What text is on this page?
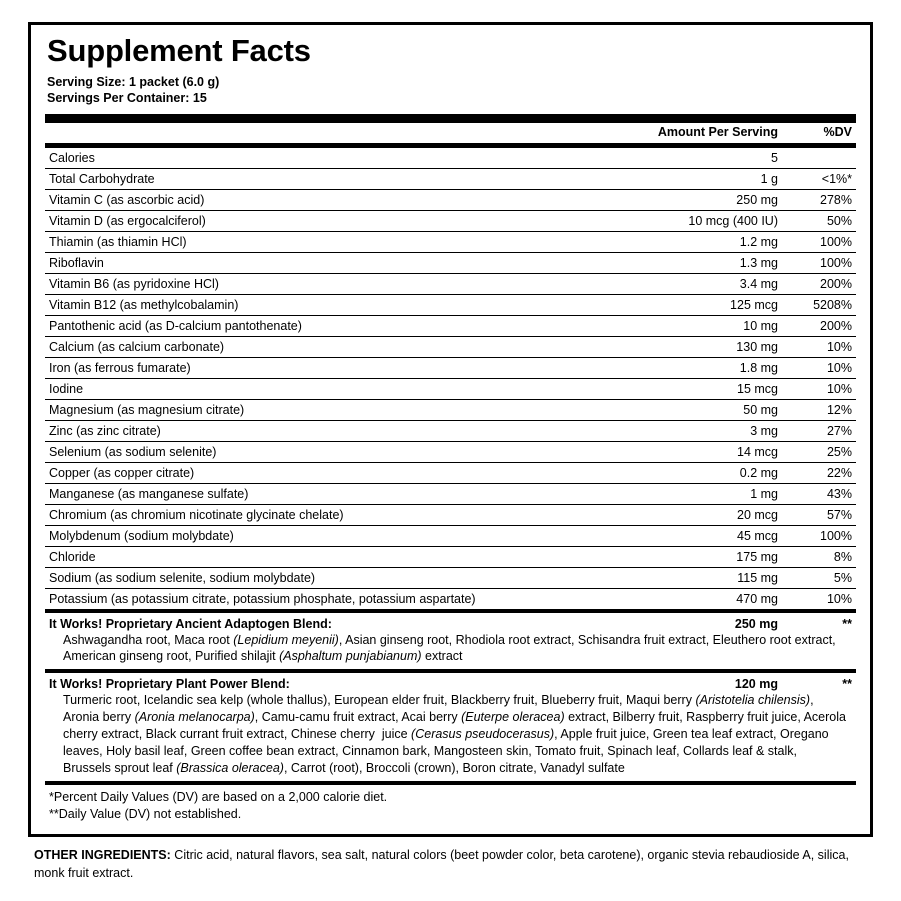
Supplement Facts
Serving Size: 1 packet (6.0 g)
Servings Per Container: 15
	Amount Per Serving	%DV
Calories	5	
Total Carbohydrate	1 g	<1%*
Vitamin C (as ascorbic acid)	250 mg	278%
Vitamin D (as ergocalciferol)	10 mcg (400 IU)	50%
Thiamin (as thiamin HCl)	1.2 mg	100%
Riboflavin	1.3 mg	100%
Vitamin B6 (as pyridoxine HCl)	3.4 mg	200%
Vitamin B12 (as methylcobalamin)	125 mcg	5208%
Pantothenic acid (as D-calcium pantothenate)	10 mg	200%
Calcium (as calcium carbonate)	130 mg	10%
Iron (as ferrous fumarate)	1.8 mg	10%
Iodine	15 mcg	10%
Magnesium (as magnesium citrate)	50 mg	12%
Zinc (as zinc citrate)	3 mg	27%
Selenium (as sodium selenite)	14 mcg	25%
Copper (as copper citrate)	0.2 mg	22%
Manganese (as manganese sulfate)	1 mg	43%
Chromium (as chromium nicotinate glycinate chelate)	20 mcg	57%
Molybdenum (sodium molybdate)	45 mcg	100%
Chloride	175 mg	8%
Sodium (as sodium selenite, sodium molybdate)	115 mg	5%
Potassium (as potassium citrate, potassium phosphate, potassium aspartate)	470 mg	10%
It Works! Proprietary Ancient Adaptogen Blend:	250 mg	**
Ashwagandha root, Maca root (Lepidium meyenii), Asian ginseng root, Rhodiola root extract, Schisandra fruit extract, Eleuthero root extract, American ginseng root, Purified shilajit (Asphaltum punjabianum) extract
It Works! Proprietary Plant Power Blend:	120 mg	**
Turmeric root, Icelandic sea kelp (whole thallus), European elder fruit, Blackberry fruit, Blueberry fruit, Maqui berry (Aristotelia chilensis), Aronia berry (Aronia melanocarpa), Camu-camu fruit extract, Acai berry (Euterpe oleracea) extract, Bilberry fruit, Raspberry fruit juice, Acerola cherry extract, Black currant fruit extract, Chinese cherry  juice (Cerasus pseudocerasus), Apple fruit juice, Green tea leaf extract, Oregano leaves, Holy basil leaf, Green coffee bean extract, Cinnamon bark, Mangosteen skin, Tomato fruit, Spinach leaf, Collards leaf & stalk, Brussels sprout leaf (Brassica oleracea), Carrot (root), Broccoli (crown), Boron citrate, Vanadyl sulfate
*Percent Daily Values (DV) are based on a 2,000 calorie diet.
**Daily Value (DV) not established.
OTHER INGREDIENTS: Citric acid, natural flavors, sea salt, natural colors (beet powder color, beta carotene), organic stevia rebaudioside A, silica, monk fruit extract.
